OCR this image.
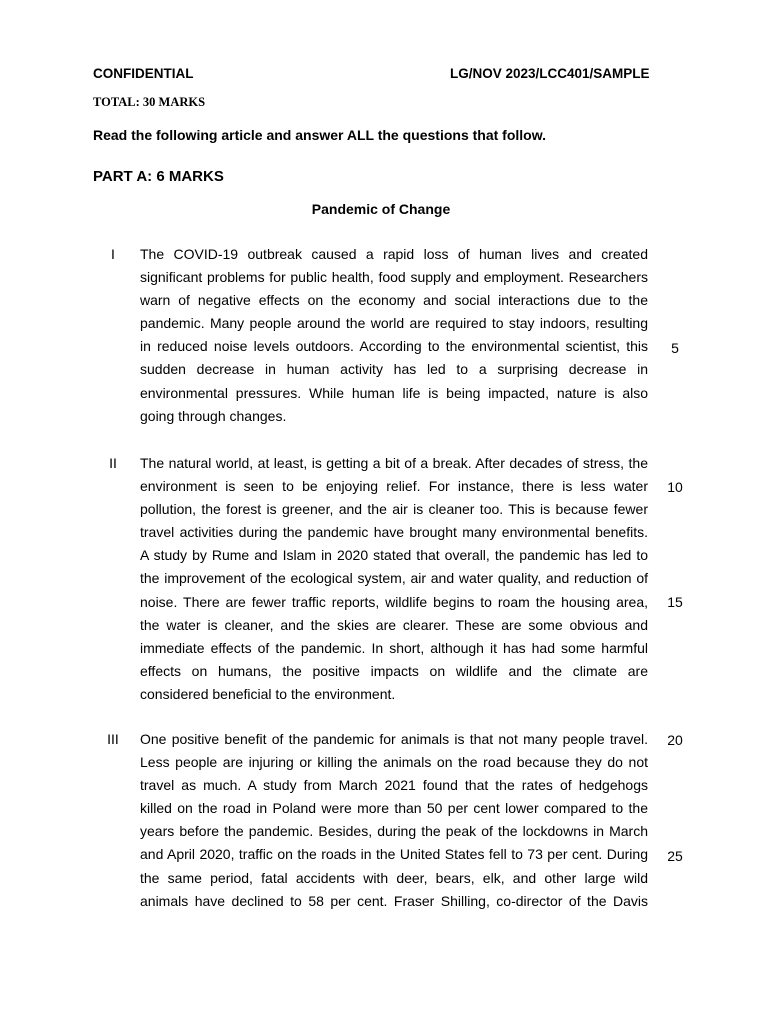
CONFIDENTIAL	LG/NOV 2023/LCC401/SAMPLE
TOTAL: 30 MARKS
Read the following article and answer ALL the questions that follow.
PART A: 6 MARKS
Pandemic of Change
I	The COVID-19 outbreak caused a rapid loss of human lives and created
significant problems for public health, food supply and employment. Researchers
warn of negative effects on the economy and social interactions due to the
pandemic. Many people around the world are required to stay indoors, resulting
in reduced noise levels outdoors. According to the environmental scientist, this
sudden decrease in human activity has led to a surprising decrease in
environmental pressures. While human life is being impacted, nature is also
going through changes.
II	The natural world, at least, is getting a bit of a break. After decades of stress, the
environment is seen to be enjoying relief. For instance, there is less water
pollution, the forest is greener, and the air is cleaner too. This is because fewer
travel activities during the pandemic have brought many environmental benefits.
A study by Rume and Islam in 2020 stated that overall, the pandemic has led to
the improvement of the ecological system, air and water quality, and reduction of
noise. There are fewer traffic reports, wildlife begins to roam the housing area,
the water is cleaner, and the skies are clearer. These are some obvious and
immediate effects of the pandemic. In short, although it has had some harmful
effects on humans, the positive impacts on wildlife and the climate are
considered beneficial to the environment.
III	One positive benefit of the pandemic for animals is that not many people travel.
Less people are injuring or killing the animals on the road because they do not
travel as much. A study from March 2021 found that the rates of hedgehogs
killed on the road in Poland were more than 50 per cent lower compared to the
years before the pandemic. Besides, during the peak of the lockdowns in March
and April 2020, traffic on the roads in the United States fell to 73 per cent. During
the same period, fatal accidents with deer, bears, elk, and other large wild
animals have declined to 58 per cent. Fraser Shilling, co-director of the Davis
5
10
15
20
25
